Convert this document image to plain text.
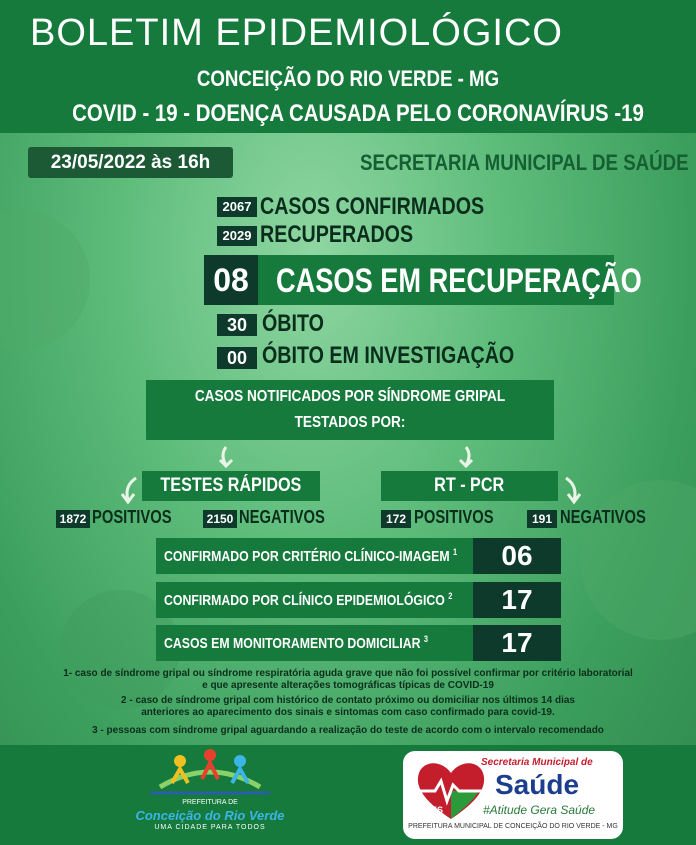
BOLETIM EPIDEMIOLÓGICO
CONCEIÇÃO DO RIO VERDE - MG
COVID - 19 - DOENÇA CAUSADA PELO CORONAVÍRUS -19
23/05/2022 às 16h	SECRETARIA MUNICIPAL DE SAÚDE
2067 CASOS CONFIRMADOS
2029 RECUPERADOS
08 CASOS EM RECUPERAÇÃO
30 ÓBITO
00 ÓBITO EM INVESTIGAÇÃO
CASOS NOTIFICADOS POR SÍNDROME GRIPAL
TESTADOS POR:
TESTES RÁPIDOS	RT - PCR
1872 POSITIVOS	2150 NEGATIVOS	172 POSITIVOS	191 NEGATIVOS
CONFIRMADO POR CRITÉRIO CLÍNICO-IMAGEM $^1$	06
CONFIRMADO POR CLÍNICO EPIDEMIOLÓGICO $^2$	17
CASOS EM MONITORAMENTO DOMICILIAR $^3$	17
1- caso de síndrome gripal ou síndrome respiratória aguda grave que não foi possível confirmar por critério laboratorial
e que apresente alterações tomográficas típicas de COVID-19
2 - caso de síndrome gripal com histórico de contato próximo ou domiciliar nos últimos 14 dias
anteriores ao aparecimento dos sinais e sintomas com caso confirmado para covid-19.
3 - pessoas com síndrome gripal aguardando a realização do teste de acordo com o intervalo recomendado
PREFEITURA DE
Conceição do Rio Verde
UMA CIDADE PARA TODOS
SES
Secretaria Municipal de
Saúde
#Atitude Gera Saúde
PREFEITURA MUNICIPAL DE CONCEIÇÃO DO RIO VERDE - MG
